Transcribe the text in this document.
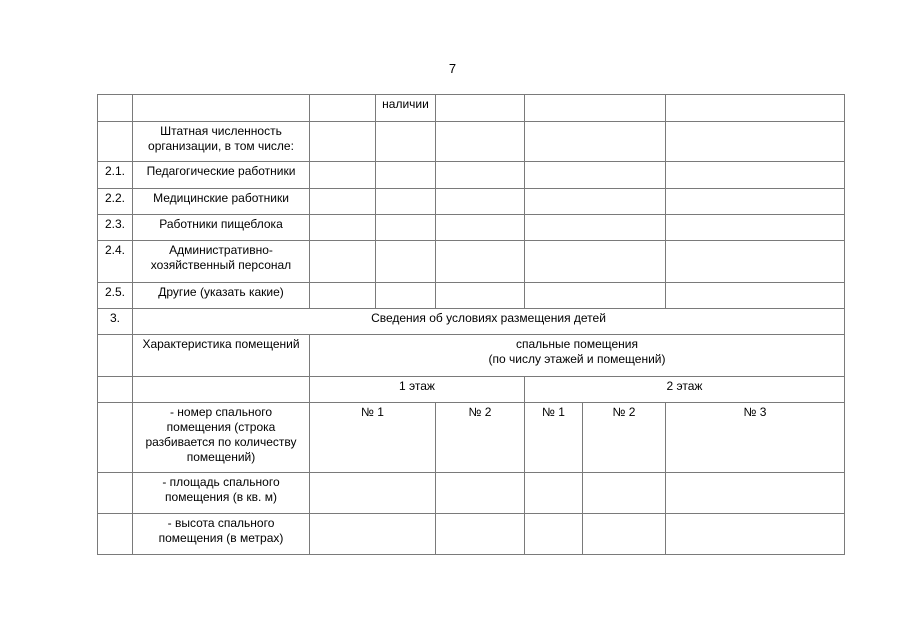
7
			наличии				
	Штатная численность организации, в том числе:						
2.1.	Педагогические работники						
2.2.	Медицинские работники						
2.3.	Работники пищеблока						
2.4.	Административно-хозяйственный персонал						
2.5.	Другие (указать какие)						
3.	Сведения об условиях размещения детей						
	Характеристика помещений	спальные помещения
(по числу этажей и помещений)					

		1 этаж			2 этаж		
	- номер спального помещения (строка разбивается по количеству помещений)	№ 1		№ 2	№ 1	№ 2	№ 3
	- площадь спального помещения (в кв. м)						
	- высота спального помещения (в метрах)						
